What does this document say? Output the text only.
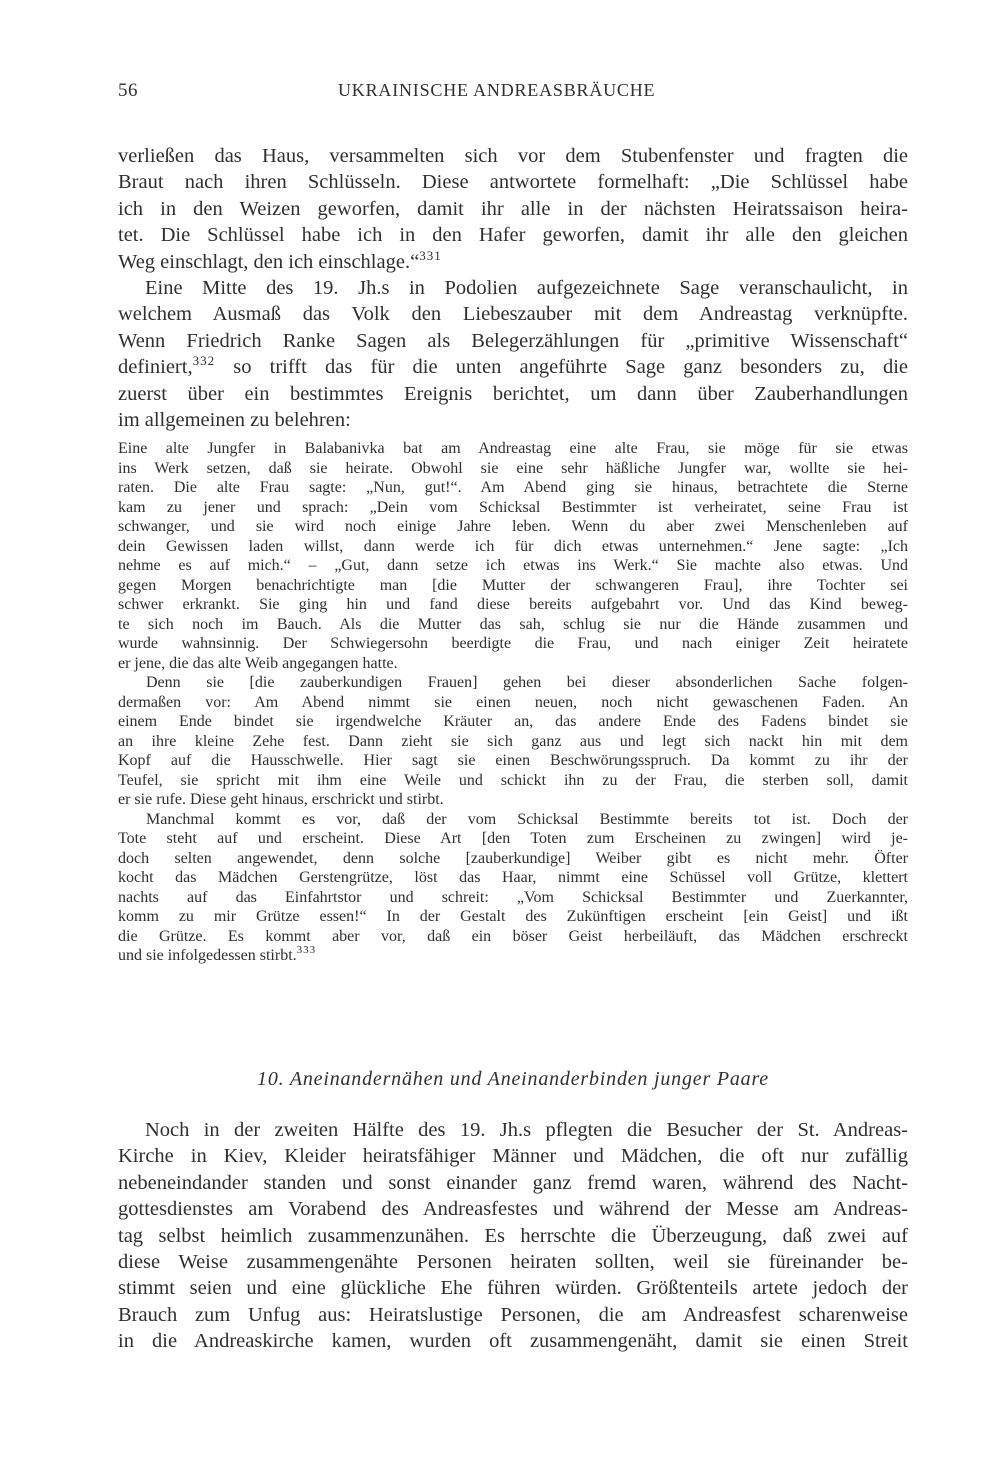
56	UKRAINISCHE ANDREASBRÄUCHE
verließen das Haus, versammelten sich vor dem Stubenfenster und fragten die
Braut nach ihren Schlüsseln. Diese antwortete formelhaft: „Die Schlüssel habe
ich in den Weizen geworfen, damit ihr alle in der nächsten Heiratssaison heira-
tet. Die Schlüssel habe ich in den Hafer geworfen, damit ihr alle den gleichen
Weg einschlagt, den ich einschlage.“$^{331}$
Eine Mitte des 19. Jh.s in Podolien aufgezeichnete Sage veranschaulicht, in
welchem Ausmaß das Volk den Liebeszauber mit dem Andreastag verknüpfte.
Wenn Friedrich Ranke Sagen als Belegerzählungen für „primitive Wissenschaft“
definiert,$^{332}$ so trifft das für die unten angeführte Sage ganz besonders zu, die
zuerst über ein bestimmtes Ereignis berichtet, um dann über Zauberhandlungen
im allgemeinen zu belehren:
Eine alte Jungfer in Balabanivka bat am Andreastag eine alte Frau, sie möge für sie etwas
ins Werk setzen, daß sie heirate. Obwohl sie eine sehr häßliche Jungfer war, wollte sie hei-
raten. Die alte Frau sagte: „Nun, gut!“. Am Abend ging sie hinaus, betrachtete die Sterne
kam zu jener und sprach: „Dein vom Schicksal Bestimmter ist verheiratet, seine Frau ist
schwanger, und sie wird noch einige Jahre leben. Wenn du aber zwei Menschenleben auf
dein Gewissen laden willst, dann werde ich für dich etwas unternehmen.“ Jene sagte: „Ich
nehme es auf mich.“ – „Gut, dann setze ich etwas ins Werk.“ Sie machte also etwas. Und
gegen Morgen benachrichtigte man [die Mutter der schwangeren Frau], ihre Tochter sei
schwer erkrankt. Sie ging hin und fand diese bereits aufgebahrt vor. Und das Kind beweg-
te sich noch im Bauch. Als die Mutter das sah, schlug sie nur die Hände zusammen und
wurde wahnsinnig. Der Schwiegersohn beerdigte die Frau, und nach einiger Zeit heiratete
er jene, die das alte Weib angegangen hatte.
Denn sie [die zauberkundigen Frauen] gehen bei dieser absonderlichen Sache folgen-
dermaßen vor: Am Abend nimmt sie einen neuen, noch nicht gewaschenen Faden. An
einem Ende bindet sie irgendwelche Kräuter an, das andere Ende des Fadens bindet sie
an ihre kleine Zehe fest. Dann zieht sie sich ganz aus und legt sich nackt hin mit dem
Kopf auf die Hausschwelle. Hier sagt sie einen Beschwörungsspruch. Da kommt zu ihr der
Teufel, sie spricht mit ihm eine Weile und schickt ihn zu der Frau, die sterben soll, damit
er sie rufe. Diese geht hinaus, erschrickt und stirbt.
Manchmal kommt es vor, daß der vom Schicksal Bestimmte bereits tot ist. Doch der
Tote steht auf und erscheint. Diese Art [den Toten zum Erscheinen zu zwingen] wird je-
doch selten angewendet, denn solche [zauberkundige] Weiber gibt es nicht mehr. Öfter
kocht das Mädchen Gerstengrütze, löst das Haar, nimmt eine Schüssel voll Grütze, klettert
nachts auf das Einfahrtstor und schreit: „Vom Schicksal Bestimmter und Zuerkannter,
komm zu mir Grütze essen!“ In der Gestalt des Zukünftigen erscheint [ein Geist] und ißt
die Grütze. Es kommt aber vor, daß ein böser Geist herbeiläuft, das Mädchen erschreckt
und sie infolgedessen stirbt.$^{333}$
10. Aneinandernähen und Aneinanderbinden junger Paare
Noch in der zweiten Hälfte des 19. Jh.s pflegten die Besucher der St. Andreas-
Kirche in Kiev, Kleider heiratsfähiger Männer und Mädchen, die oft nur zufällig
nebeneindander standen und sonst einander ganz fremd waren, während des Nacht-
gottesdienstes am Vorabend des Andreasfestes und während der Messe am Andreas-
tag selbst heimlich zusammenzunähen. Es herrschte die Überzeugung, daß zwei auf
diese Weise zusammengenähte Personen heiraten sollten, weil sie füreinander be-
stimmt seien und eine glückliche Ehe führen würden. Größtenteils artete jedoch der
Brauch zum Unfug aus: Heiratslustige Personen, die am Andreasfest scharenweise
in die Andreaskirche kamen, wurden oft zusammengenäht, damit sie einen Streit
